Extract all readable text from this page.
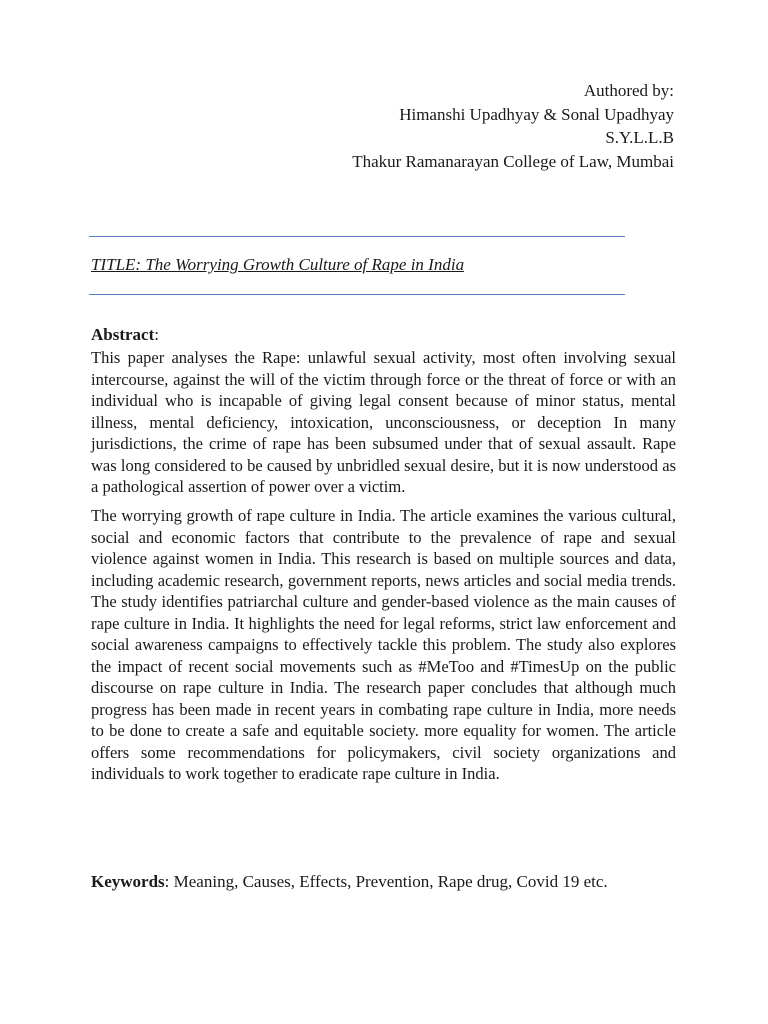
Authored by:
Himanshi Upadhyay & Sonal Upadhyay
S.Y.L.L.B
Thakur Ramanarayan College of Law, Mumbai
TITLE: The Worrying Growth Culture of Rape in India
Abstract:

This paper analyses the Rape: unlawful sexual activity, most often involving sexual intercourse, against the will of the victim through force or the threat of force or with an individual who is incapable of giving legal consent because of minor status, mental illness, mental deficiency, intoxication, unconsciousness, or deception In many jurisdictions, the crime of rape has been subsumed under that of sexual assault. Rape was long considered to be caused by unbridled sexual desire, but it is now understood as a pathological assertion of power over a victim.

The worrying growth of rape culture in India. The article examines the various cultural, social and economic factors that contribute to the prevalence of rape and sexual violence against women in India. This research is based on multiple sources and data, including academic research, government reports, news articles and social media trends. The study identifies patriarchal culture and gender-based violence as the main causes of rape culture in India. It highlights the need for legal reforms, strict law enforcement and social awareness campaigns to effectively tackle this problem. The study also explores the impact of recent social movements such as #MeToo and #TimesUp on the public discourse on rape culture in India. The research paper concludes that although much progress has been made in recent years in combating rape culture in India, more needs to be done to create a safe and equitable society. more equality for women. The article offers some recommendations for policymakers, civil society organizations and individuals to work together to eradicate rape culture in India.

Keywords: Meaning, Causes, Effects, Prevention, Rape drug, Covid 19 etc.
